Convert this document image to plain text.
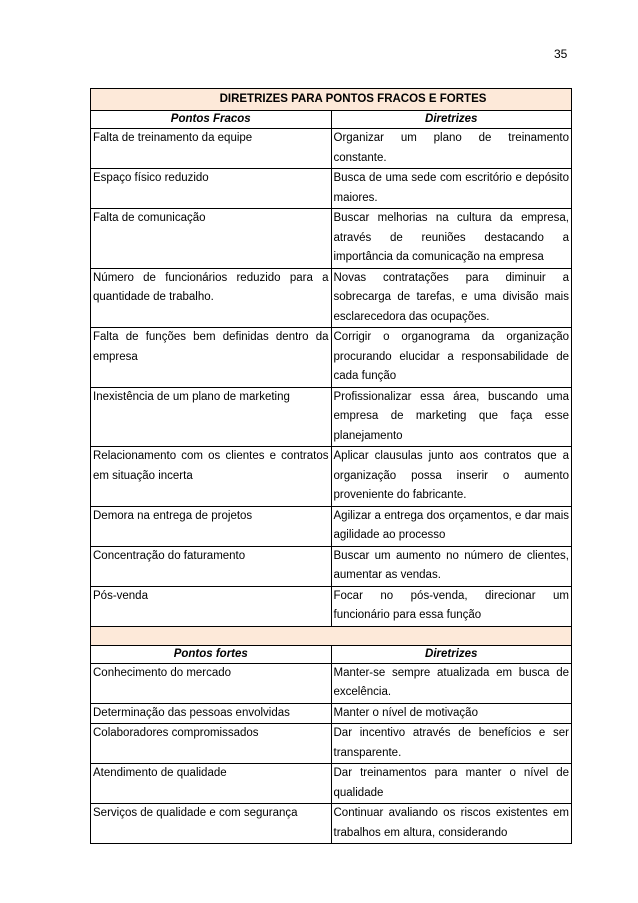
35
DIRETRIZES PARA PONTOS FRACOS E FORTES	
Pontos Fracos	Diretrizes
Falta de treinamento da equipe	Organizar um plano de treinamento constante.
Espaço físico reduzido	Busca de uma sede com escritório e depósito maiores.
Falta de comunicação	Buscar melhorias na cultura da empresa, através de reuniões destacando a importância da comunicação na empresa
Número de funcionários reduzido para a quantidade de trabalho.	Novas contratações para diminuir a sobrecarga de tarefas, e uma divisão mais esclarecedora das ocupações.
Falta de funções bem definidas dentro da empresa	Corrigir o organograma da organização procurando elucidar a responsabilidade de cada função
Inexistência de um plano de marketing	Profissionalizar essa área, buscando uma empresa de marketing que faça esse planejamento
Relacionamento com os clientes e contratos em situação incerta	Aplicar clausulas junto aos contratos que a organização possa inserir o aumento proveniente do fabricante.
Demora na entrega de projetos	Agilizar a entrega dos orçamentos, e dar mais agilidade ao processo
Concentração do faturamento	Buscar um aumento no número de clientes, aumentar as vendas.
Pós-venda	Focar no pós-venda, direcionar um funcionário para essa função

Pontos fortes	Diretrizes
Conhecimento do mercado	Manter-se sempre atualizada em busca de excelência.
Determinação das pessoas envolvidas	Manter o nível de motivação
Colaboradores compromissados	Dar incentivo através de benefícios e ser transparente.
Atendimento de qualidade	Dar treinamentos para manter o nível de qualidade
Serviços de qualidade e com segurança	Continuar avaliando os riscos existentes em trabalhos em altura, considerando
